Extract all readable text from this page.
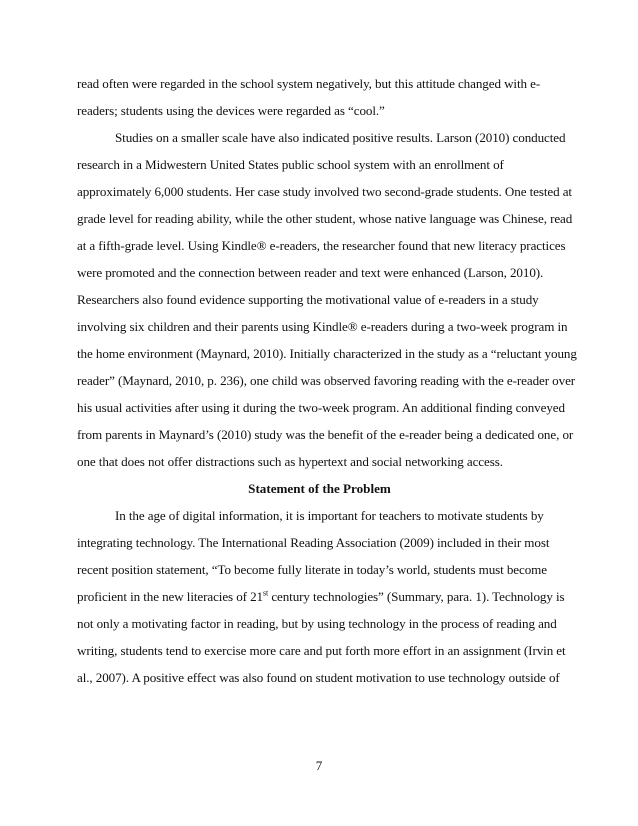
read often were regarded in the school system negatively, but this attitude changed with e-
readers; students using the devices were regarded as “cool.”
Studies on a smaller scale have also indicated positive results. Larson (2010) conducted
research in a Midwestern United States public school system with an enrollment of
approximately 6,000 students. Her case study involved two second-grade students. One tested at
grade level for reading ability, while the other student, whose native language was Chinese, read
at a fifth-grade level. Using Kindle® e-readers, the researcher found that new literacy practices
were promoted and the connection between reader and text were enhanced (Larson, 2010).
Researchers also found evidence supporting the motivational value of e-readers in a study
involving six children and their parents using Kindle® e-readers during a two-week program in
the home environment (Maynard, 2010). Initially characterized in the study as a “reluctant young
reader” (Maynard, 2010, p. 236), one child was observed favoring reading with the e-reader over
his usual activities after using it during the two-week program. An additional finding conveyed
from parents in Maynard’s (2010) study was the benefit of the e-reader being a dedicated one, or
one that does not offer distractions such as hypertext and social networking access.
Statement of the Problem
In the age of digital information, it is important for teachers to motivate students by
integrating technology. The International Reading Association (2009) included in their most
recent position statement, “To become fully literate in today’s world, students must become
proficient in the new literacies of 21st century technologies” (Summary, para. 1). Technology is
not only a motivating factor in reading, but by using technology in the process of reading and
writing, students tend to exercise more care and put forth more effort in an assignment (Irvin et
al., 2007). A positive effect was also found on student motivation to use technology outside of
7
